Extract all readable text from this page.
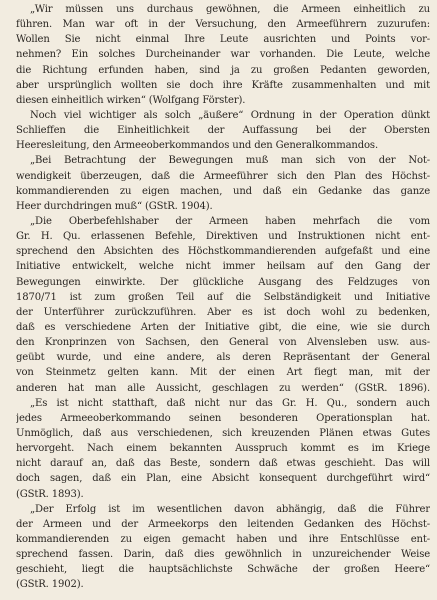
„Wir müssen uns durchaus gewöhnen, die Armeen einheitlich zu
führen. Man war oft in der Versuchung, den Armeeführern zuzurufen:
Wollen Sie nicht einmal Ihre Leute ausrichten und Points vor-
nehmen? Ein solches Durcheinander war vorhanden. Die Leute, welche
die Richtung erfunden haben, sind ja zu großen Pedanten geworden,
aber ursprünglich wollten sie doch ihre Kräfte zusammenhalten und mit
diesen einheitlich wirken“ (Wolfgang Förster).
Noch viel wichtiger als solch „äußere“ Ordnung in der Operation dünkt
Schlieffen die Einheitlichkeit der Auffassung bei der Obersten
Heeresleitung, den Armeeoberkommandos und den Generalkommandos.
„Bei Betrachtung der Bewegungen muß man sich von der Not-
wendigkeit überzeugen, daß die Armeeführer sich den Plan des Höchst-
kommandierenden zu eigen machen, und daß ein Gedanke das ganze
Heer durchdringen muß“ (GStR. 1904).
„Die Oberbefehlshaber der Armeen haben mehrfach die vom
Gr. H. Qu. erlassenen Befehle, Direktiven und Instruktionen nicht ent-
sprechend den Absichten des Höchstkommandierenden aufgefaßt und eine
Initiative entwickelt, welche nicht immer heilsam auf den Gang der
Bewegungen einwirkte. Der glückliche Ausgang des Feldzuges von
1870/71 ist zum großen Teil auf die Selbständigkeit und Initiative
der Unterführer zurückzuführen. Aber es ist doch wohl zu bedenken,
daß es verschiedene Arten der Initiative gibt, die eine, wie sie durch
den Kronprinzen von Sachsen, den General von Alvensleben usw. aus-
geübt wurde, und eine andere, als deren Repräsentant der General
von Steinmetz gelten kann. Mit der einen Art fiegt man, mit der
anderen hat man alle Aussicht, geschlagen zu werden“ (GStR. 1896).
„Es ist nicht statthaft, daß nicht nur das Gr. H. Qu., sondern auch
jedes Armeeoberkommando seinen besonderen Operationsplan hat.
Unmöglich, daß aus verschiedenen, sich kreuzenden Plänen etwas Gutes
hervorgeht. Nach einem bekannten Ausspruch kommt es im Kriege
nicht darauf an, daß das Beste, sondern daß etwas geschieht. Das will
doch sagen, daß ein Plan, eine Absicht konsequent durchgeführt wird“
(GStR. 1893).
„Der Erfolg ist im wesentlichen davon abhängig, daß die Führer
der Armeen und der Armeekorps den leitenden Gedanken des Höchst-
kommandierenden zu eigen gemacht haben und ihre Entschlüsse ent-
sprechend fassen. Darin, daß dies gewöhnlich in unzureichender Weise
geschieht, liegt die hauptsächlichste Schwäche der großen Heere“
(GStR. 1902).
